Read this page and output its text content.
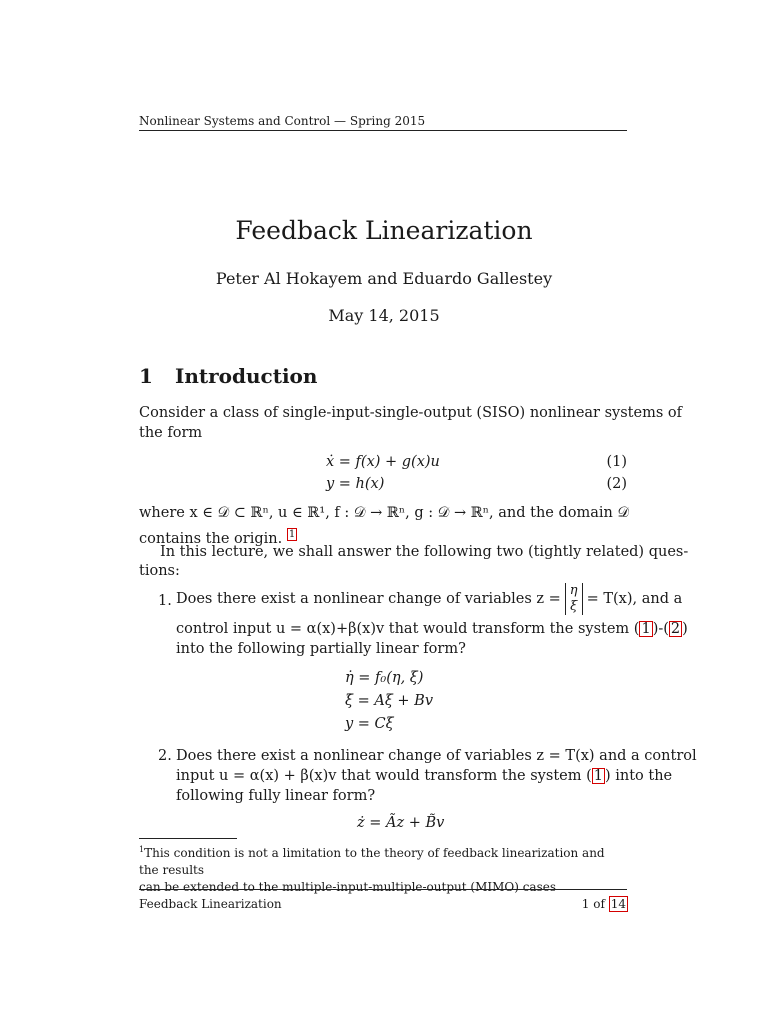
Nonlinear Systems and Control — Spring 2015
Feedback Linearization
Peter Al Hokayem and Eduardo Gallestey
May 14, 2015
1 Introduction
Consider a class of single-input-single-output (SISO) nonlinear systems of
the form
ẋ = f(x) + g(x)u	(1)
y = h(x)	(2)
where x ∈ 𝒟 ⊂ ℝⁿ, u ∈ ℝ¹, f : 𝒟 → ℝⁿ, g : 𝒟 → ℝⁿ, and the domain 𝒟
contains the origin. $^1$
In this lecture, we shall answer the following two (tightly related) ques-
tions:
1. Does there exist a nonlinear change of variables z = η
ξ = T(x), and a
control input u = α(x)+β(x)v that would transform the system ( 1 )-( 2 )
into the following partially linear form?
η̇ = f₀(η, ξ)
ξ̇ = Aξ + Bv
y = Cξ
2. Does there exist a nonlinear change of variables z = T(x) and a control
input u = α(x) + β(x)v that would transform the system ( 1 ) into the
following fully linear form?
ż = Ãz + B̃v
$^1$This condition is not a limitation to the theory of feedback linearization and the results
can be extended to the multiple-input-multiple-output (MIMO) cases
Feedback Linearization	1 of 14
